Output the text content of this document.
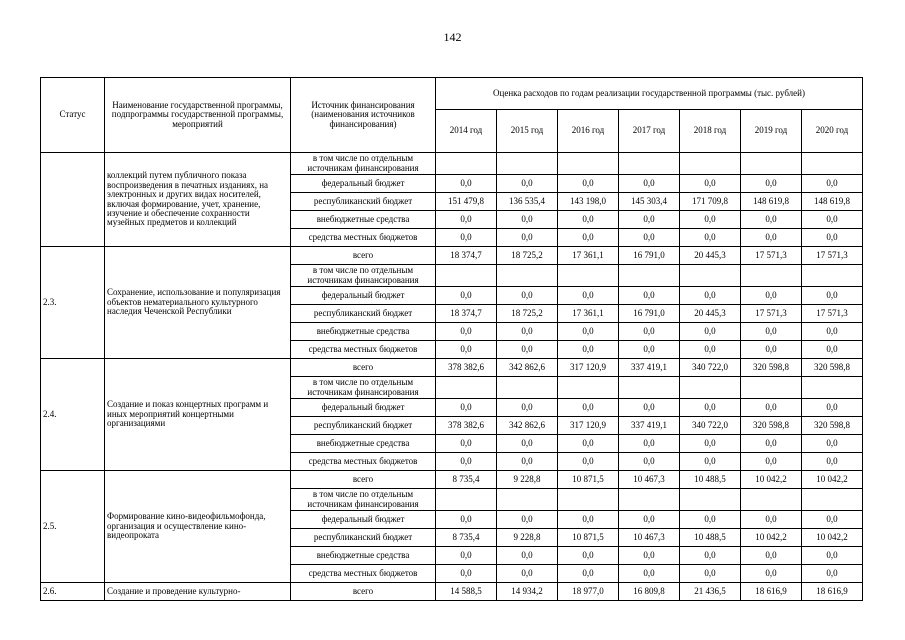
142
Статус	Наименование государственной программы, подпрограммы государственной программы, мероприятий	Источник финансирования (наименования источников финансирования)	Оценка расходов по годам реализации государственной программы (тыс. рублей)						
			2014 год	2015 год	2016 год	2017 год	2018 год	2019 год	2020 год
	коллекций путем публичного показа воспроизведения в печатных изданиях, на электронных и других видах носителей, включая формирование, учет, хранение, изучение и обеспечение сохранности музейных предметов и коллекций	в том числе по отдельным источникам финансирования							
		федеральный бюджет	0,0	0,0	0,0	0,0	0,0	0,0	0,0
		республиканский бюджет	151 479,8	136 535,4	143 198,0	145 303,4	171 709,8	148 619,8	148 619,8
		внебюджетные средства	0,0	0,0	0,0	0,0	0,0	0,0	0,0
		средства местных бюджетов	0,0	0,0	0,0	0,0	0,0	0,0	0,0
2.3.	Сохранение, использование и популяризация объектов нематериального культурного наследия Чеченской Республики	всего	18 374,7	18 725,2	17 361,1	16 791,0	20 445,3	17 571,3	17 571,3
		в том числе по отдельным источникам финансирования							
		федеральный бюджет	0,0	0,0	0,0	0,0	0,0	0,0	0,0
		республиканский бюджет	18 374,7	18 725,2	17 361,1	16 791,0	20 445,3	17 571,3	17 571,3
		внебюджетные средства	0,0	0,0	0,0	0,0	0,0	0,0	0,0
		средства местных бюджетов	0,0	0,0	0,0	0,0	0,0	0,0	0,0
2.4.	Создание и показ концертных программ и иных мероприятий концертными организациями	всего	378 382,6	342 862,6	317 120,9	337 419,1	340 722,0	320 598,8	320 598,8
		в том числе по отдельным источникам финансирования							
		федеральный бюджет	0,0	0,0	0,0	0,0	0,0	0,0	0,0
		республиканский бюджет	378 382,6	342 862,6	317 120,9	337 419,1	340 722,0	320 598,8	320 598,8
		внебюджетные средства	0,0	0,0	0,0	0,0	0,0	0,0	0,0
		средства местных бюджетов	0,0	0,0	0,0	0,0	0,0	0,0	0,0
2.5.	Формирование кино-видеофильмофонда, организация и осуществление кино-видеопроката	всего	8 735,4	9 228,8	10 871,5	10 467,3	10 488,5	10 042,2	10 042,2
		в том числе по отдельным источникам финансирования							
		федеральный бюджет	0,0	0,0	0,0	0,0	0,0	0,0	0,0
		республиканский бюджет	8 735,4	9 228,8	10 871,5	10 467,3	10 488,5	10 042,2	10 042,2
		внебюджетные средства	0,0	0,0	0,0	0,0	0,0	0,0	0,0
		средства местных бюджетов	0,0	0,0	0,0	0,0	0,0	0,0	0,0
2.6.	Создание и проведение культурно-	всего	14 588,5	14 934,2	18 977,0	16 809,8	21 436,5	18 616,9	18 616,9
